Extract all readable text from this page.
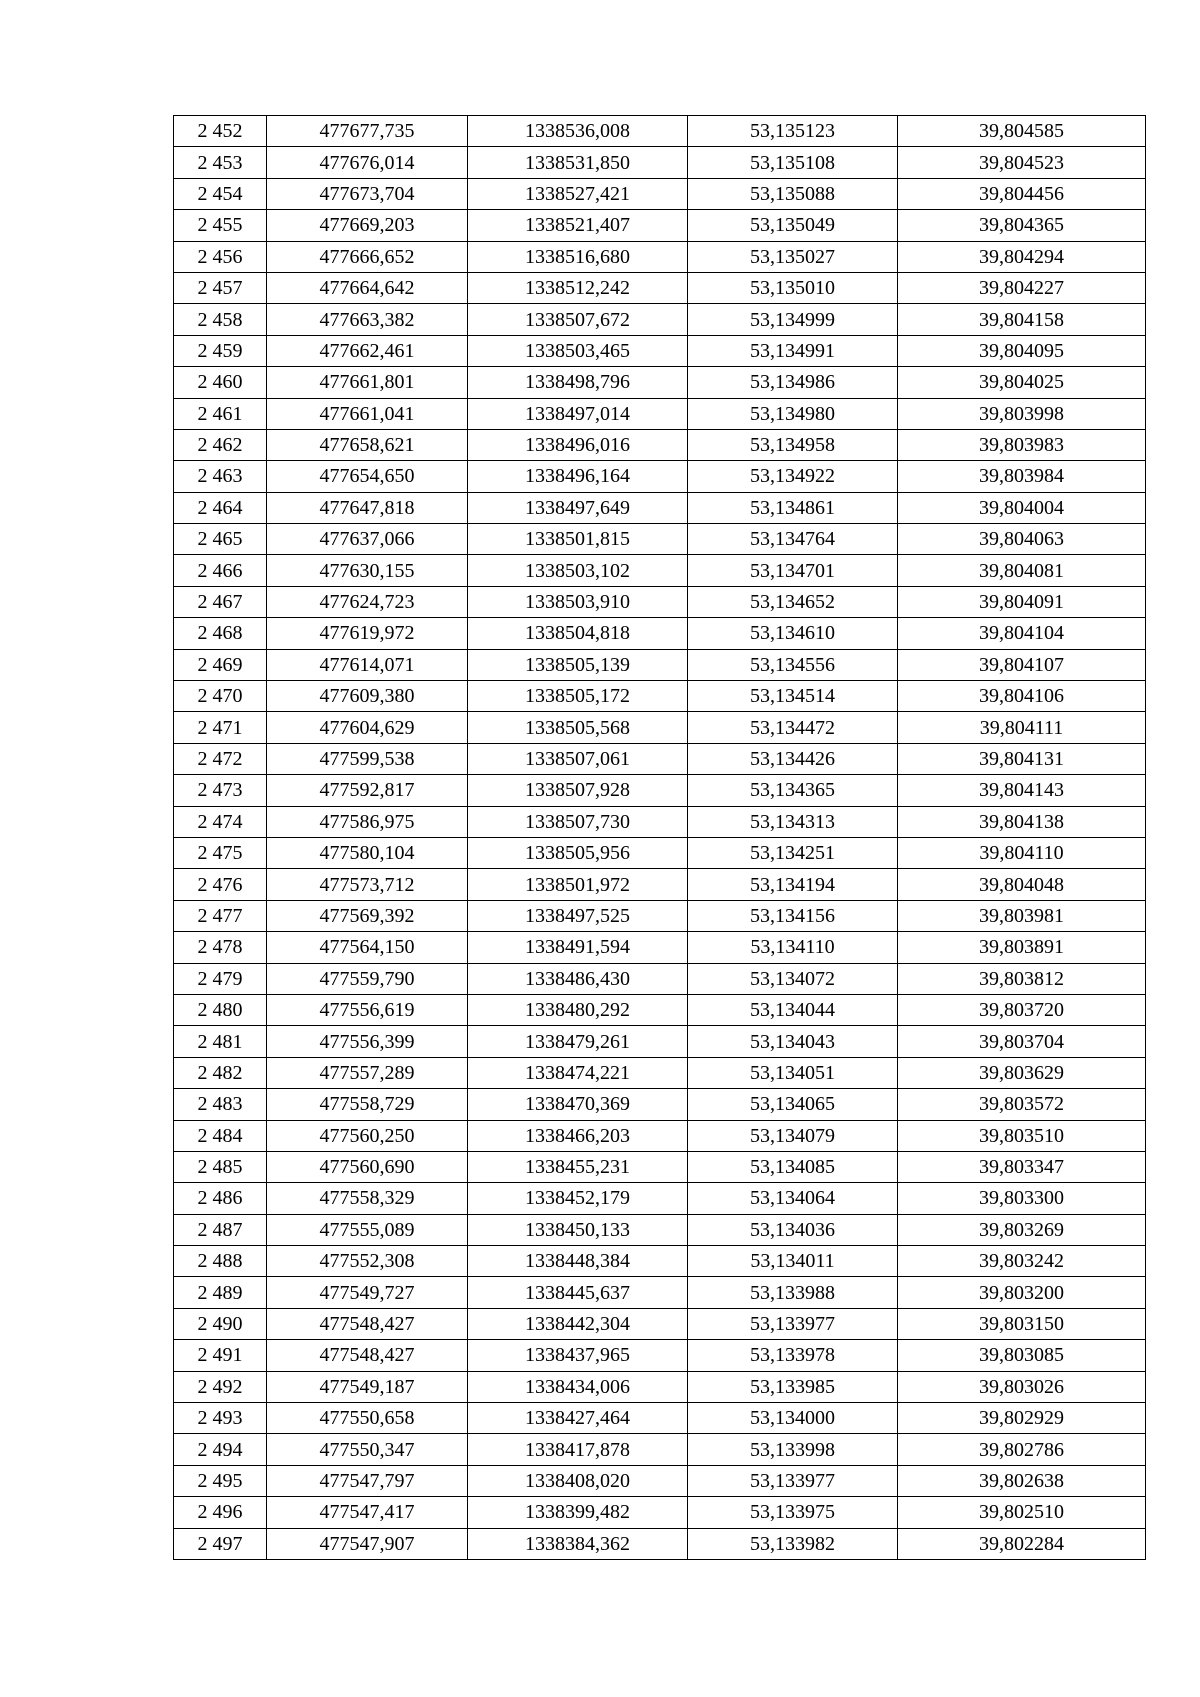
2 452	477677,735	1338536,008	53,135123	39,804585
2 453	477676,014	1338531,850	53,135108	39,804523
2 454	477673,704	1338527,421	53,135088	39,804456
2 455	477669,203	1338521,407	53,135049	39,804365
2 456	477666,652	1338516,680	53,135027	39,804294
2 457	477664,642	1338512,242	53,135010	39,804227
2 458	477663,382	1338507,672	53,134999	39,804158
2 459	477662,461	1338503,465	53,134991	39,804095
2 460	477661,801	1338498,796	53,134986	39,804025
2 461	477661,041	1338497,014	53,134980	39,803998
2 462	477658,621	1338496,016	53,134958	39,803983
2 463	477654,650	1338496,164	53,134922	39,803984
2 464	477647,818	1338497,649	53,134861	39,804004
2 465	477637,066	1338501,815	53,134764	39,804063
2 466	477630,155	1338503,102	53,134701	39,804081
2 467	477624,723	1338503,910	53,134652	39,804091
2 468	477619,972	1338504,818	53,134610	39,804104
2 469	477614,071	1338505,139	53,134556	39,804107
2 470	477609,380	1338505,172	53,134514	39,804106
2 471	477604,629	1338505,568	53,134472	39,804111
2 472	477599,538	1338507,061	53,134426	39,804131
2 473	477592,817	1338507,928	53,134365	39,804143
2 474	477586,975	1338507,730	53,134313	39,804138
2 475	477580,104	1338505,956	53,134251	39,804110
2 476	477573,712	1338501,972	53,134194	39,804048
2 477	477569,392	1338497,525	53,134156	39,803981
2 478	477564,150	1338491,594	53,134110	39,803891
2 479	477559,790	1338486,430	53,134072	39,803812
2 480	477556,619	1338480,292	53,134044	39,803720
2 481	477556,399	1338479,261	53,134043	39,803704
2 482	477557,289	1338474,221	53,134051	39,803629
2 483	477558,729	1338470,369	53,134065	39,803572
2 484	477560,250	1338466,203	53,134079	39,803510
2 485	477560,690	1338455,231	53,134085	39,803347
2 486	477558,329	1338452,179	53,134064	39,803300
2 487	477555,089	1338450,133	53,134036	39,803269
2 488	477552,308	1338448,384	53,134011	39,803242
2 489	477549,727	1338445,637	53,133988	39,803200
2 490	477548,427	1338442,304	53,133977	39,803150
2 491	477548,427	1338437,965	53,133978	39,803085
2 492	477549,187	1338434,006	53,133985	39,803026
2 493	477550,658	1338427,464	53,134000	39,802929
2 494	477550,347	1338417,878	53,133998	39,802786
2 495	477547,797	1338408,020	53,133977	39,802638
2 496	477547,417	1338399,482	53,133975	39,802510
2 497	477547,907	1338384,362	53,133982	39,802284
